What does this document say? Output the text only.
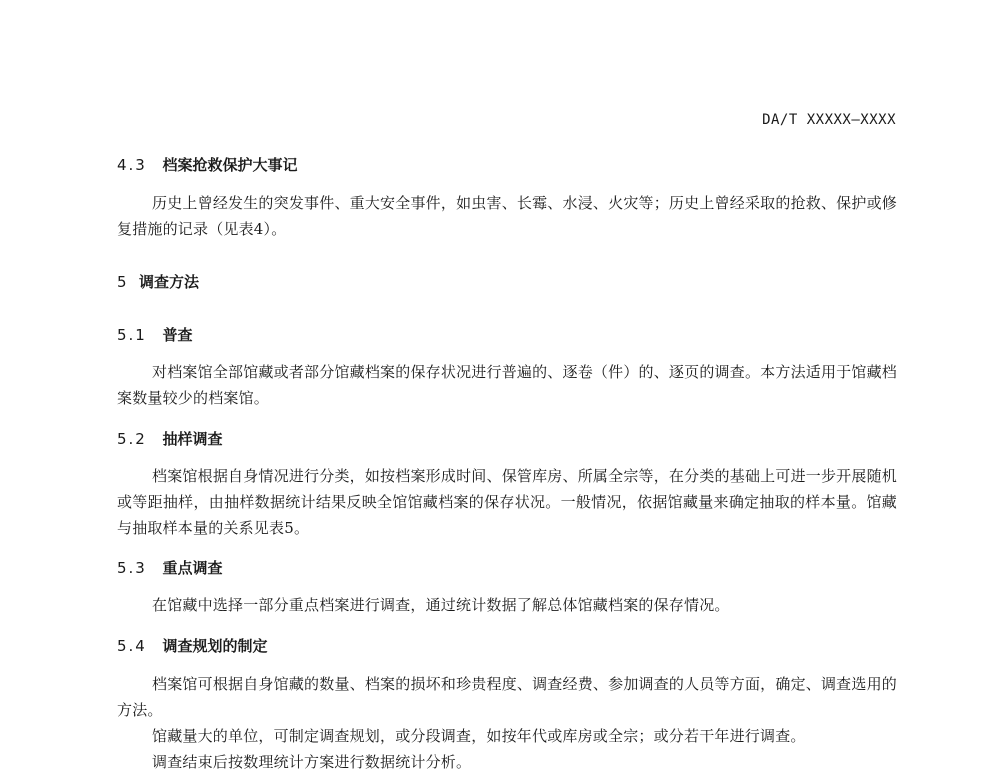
DA/T XXXXX—XXXX
4.3 档案抢救保护大事记
历史上曾经发生的突发事件、重大安全事件，如虫害、长霉、水浸、火灾等；历史上曾经采取的抢救、保护或修复措施的记录（见表4）。
5 调查方法
5.1 普查
对档案馆全部馆藏或者部分馆藏档案的保存状况进行普遍的、逐卷（件）的、逐页的调查。本方法适用于馆藏档案数量较少的档案馆。
5.2 抽样调查
档案馆根据自身情况进行分类，如按档案形成时间、保管库房、所属全宗等，在分类的基础上可进一步开展随机或等距抽样，由抽样数据统计结果反映全馆馆藏档案的保存状况。一般情况，依据馆藏量来确定抽取的样本量。馆藏与抽取样本量的关系见表5。
5.3 重点调查
在馆藏中选择一部分重点档案进行调查，通过统计数据了解总体馆藏档案的保存情况。
5.4 调查规划的制定
档案馆可根据自身馆藏的数量、档案的损坏和珍贵程度、调查经费、参加调查的人员等方面，确定、调查选用的方法。
馆藏量大的单位，可制定调查规划，或分段调查，如按年代或库房或全宗；或分若干年进行调查。
调查结束后按数理统计方案进行数据统计分析。
